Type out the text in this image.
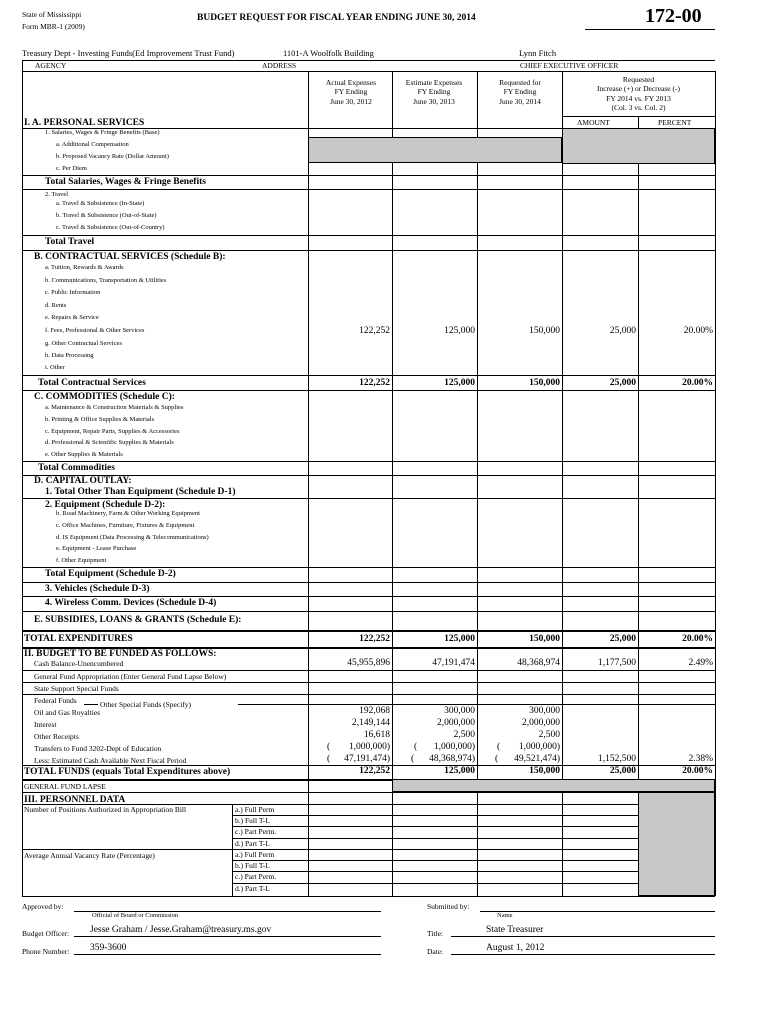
State of Mississippi
Form MBR-1 (2009)
BUDGET REQUEST FOR FISCAL YEAR ENDING JUNE 30, 2014	172-00
Treasury Dept - Investing Funds(Ed Improvement Trust Fund)	1101-A Woolfolk Building	Lynn Fitch
AGENCY	ADDRESS	CHIEF EXECUTIVE OFFICER
Actual Expenses
FY Ending
June 30, 2012
Estimate Expenses
FY Ending
June 30, 2013
Requested for
FY Ending
June 30, 2014
Requested
Increase (+) or Decrease (-)
FY 2014 vs. FY 2013
(Col. 3 vs. Col. 2)
AMOUNT	PERCENT
I. A. PERSONAL SERVICES
1. Salaries, Wages & Fringe Benefits (Base)
a. Additional Compensation
b. Proposed Vacancy Rate (Dollar Amount)
c. Per Diem
Total Salaries, Wages & Fringe Benefits
2. Travel
a. Travel & Subsistence (In-State)
b. Travel & Subsistence (Out-of-State)
c. Travel & Subsistence (Out-of-Country)
Total Travel
B. CONTRACTUAL SERVICES (Schedule B):
a. Tuition, Rewards & Awards
b. Communications, Transportation & Utilities
c. Public Information
d. Rents
e. Repairs & Service
f. Fees, Professional & Other Services	122,252	125,000	150,000	25,000	20.00%
g. Other Contractual Services
h. Data Processing
i. Other
Total Contractual Services	122,252	125,000	150,000	25,000	20.00%
C. COMMODITIES (Schedule C):
a. Maintenance & Construction Materials & Supplies
b. Printing & Office Supplies & Materials
c. Equipment, Repair Parts, Supplies & Accessories
d. Professional & Scientific Supplies & Materials
e. Other Supplies & Materials
Total Commodities
D. CAPITAL OUTLAY:
1. Total Other Than Equipment (Schedule D-1)
2. Equipment (Schedule D-2):
b. Road Machinery, Farm & Other Working Equipment
c. Office Machines, Furniture, Fixtures & Equipment
d. IS Equipment (Data Processing & Telecommunications)
e. Equipment - Lease Purchase
f. Other Equipment
Total Equipment (Schedule D-2)
3. Vehicles (Schedule D-3)
4. Wireless Comm. Devices (Schedule D-4)
E. SUBSIDIES, LOANS & GRANTS (Schedule E):
TOTAL EXPENDITURES	122,252	125,000	150,000	25,000	20.00%
II. BUDGET TO BE FUNDED AS FOLLOWS:
Cash Balance-Unencumbered	45,955,896	47,191,474	48,368,974	1,177,500	2.49%
General Fund Appropriation (Enter General Fund Lapse Below)
State Support Special Funds
Federal Funds	Other Special Funds (Specify)
Oil and Gas Royalties	192,068	300,000	300,000
Interest	2,149,144	2,000,000	2,000,000
Other Receipts	16,618	2,500	2,500
Transfers to Fund 3202-Dept of Education	(	1,000,000)	(	1,000,000) (	1,000,000)
Less: Estimated Cash Available Next Fiscal Period	(	47,191,474) (	48,368,974) (	49,521,474)	1,152,500	2.38%
TOTAL FUNDS (equals Total Expenditures above)	122,252	125,000	150,000	25,000	20.00%
GENERAL FUND LAPSE
III. PERSONNEL DATA
Number of Positions Authorized in Appropriation Bill
Average Annual Vacancy Rate (Percentage)
a.) Full Perm
b.) Full T-L
c.) Part Perm.
d.) Part T-L
a.) Full Perm
b.) Full T-L
c.) Part Perm.
d.) Part T-L
Approved by:
Official of Board or Commission
Submitted by:
Name
Budget Officer: Jesse Graham / Jesse.Graham@treasury.ms.gov	Title:	State Treasurer
Phone Number: 359-3600	Date:	August 1, 2012
